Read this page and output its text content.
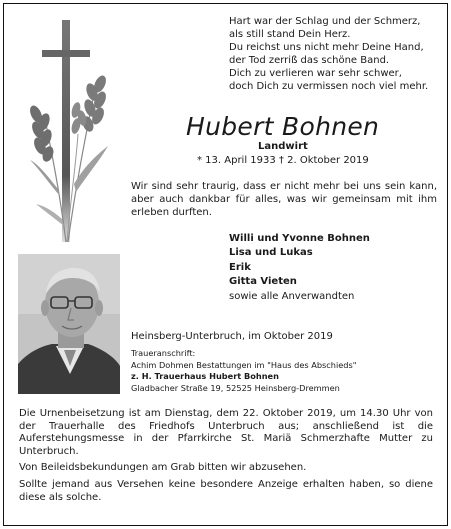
Hart war der Schlag und der Schmerz,
als still stand Dein Herz.
Du reichst uns nicht mehr Deine Hand,
der Tod zerriß das schöne Band.
Dich zu verlieren war sehr schwer,
doch Dich zu vermissen noch viel mehr.
Hubert Bohnen
Landwirt
* 13. April 1933 † 2. Oktober 2019
Wir sind sehr traurig, dass er nicht mehr bei uns sein kann, aber auch dankbar für alles, was wir gemeinsam mit ihm erleben durften.
Willi und Yvonne Bohnen
Lisa und Lukas
Erik
Gitta Vieten
sowie alle Anverwandten
Heinsberg-Unterbruch, im Oktober 2019
Traueranschrift:
Achim Dohmen Bestattungen im "Haus des Abschieds"
z. H. Trauerhaus Hubert Bohnen
Gladbacher Straße 19, 52525 Heinsberg-Dremmen

Die Urnenbeisetzung ist am Dienstag, dem 22. Oktober 2019, um 14.30 Uhr von der Trauerhalle des Friedhofs Unterbruch aus; anschließend ist die Auferstehungsmesse in der Pfarrkirche St. Mariä Schmerzhafte Mutter zu Unterbruch.

Von Beileidsbekundungen am Grab bitten wir abzusehen.

Sollte jemand aus Versehen keine besondere Anzeige erhalten haben, so diene diese als solche.
